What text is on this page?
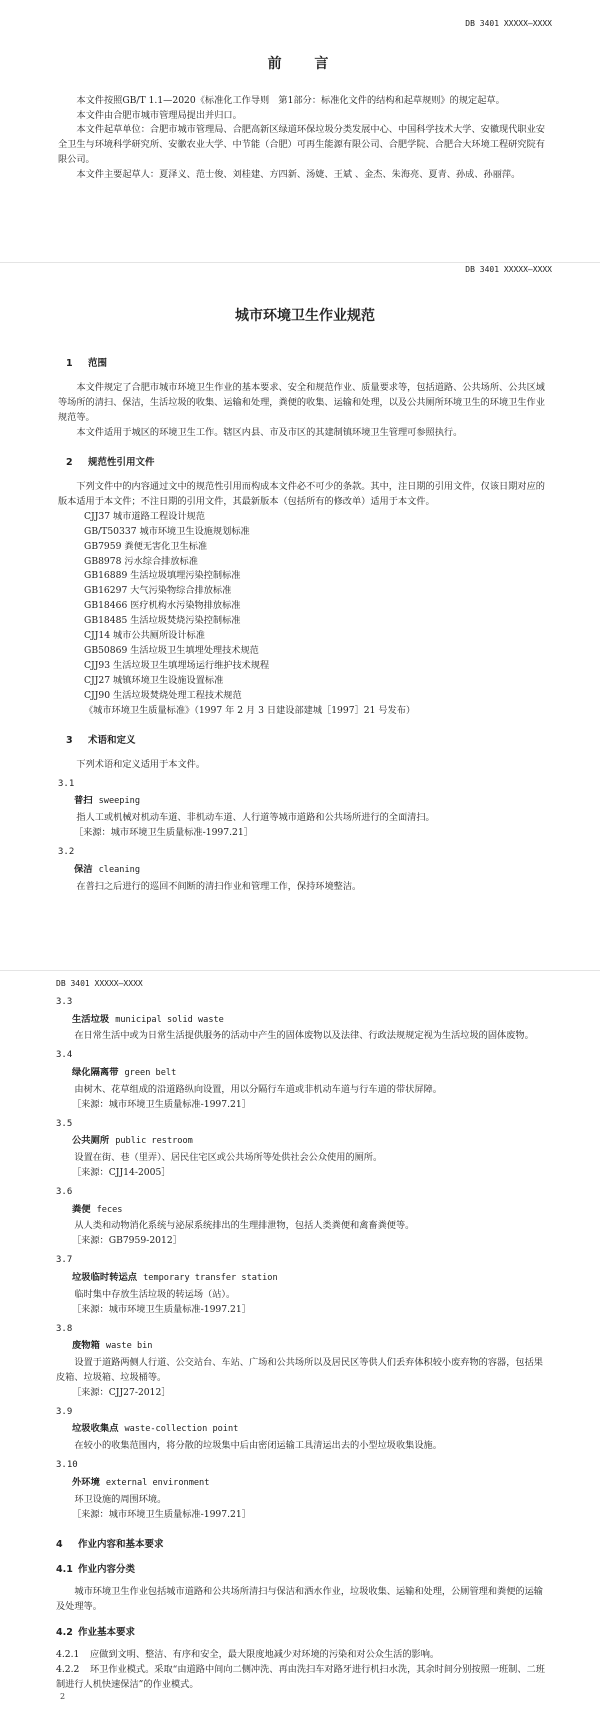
DB 3401 XXXXX—XXXX
前 言

本文件按照GB/T 1.1—2020《标准化工作导则　第1部分：标准化文件的结构和起草规则》的规定起草。

本文件由合肥市城市管理局提出并归口。

本文件起草单位：合肥市城市管理局、合肥高新区绿道环保垃圾分类发展中心、中国科学技术大学、安徽现代职业安全卫生与环境科学研究所、安徽农业大学、中节能（合肥）可再生能源有限公司、合肥学院、合肥合大环境工程研究院有限公司。

本文件主要起草人：夏泽义、范士俊、刘桂建、方四新、汤婕、王斌 、金杰、朱海亮、夏青、孙成、孙丽萍。

DB 3401 XXXXX—XXXX
城市环境卫生作业规范
1 范围

本文件规定了合肥市城市环境卫生作业的基本要求、安全和规范作业、质量要求等，包括道路、公共场所、公共区域等场所的清扫、保洁，生活垃圾的收集、运输和处理，粪便的收集、运输和处理，以及公共厕所环境卫生的环境卫生作业规范等。

本文件适用于城区的环境卫生工作。辖区内县、市及市区的其建制镇环境卫生管理可参照执行。

2 规范性引用文件

下列文件中的内容通过文中的规范性引用而构成本文件必不可少的条款。其中，注日期的引用文件，仅该日期对应的版本适用于本文件；不注日期的引用文件，其最新版本（包括所有的修改单）适用于本文件。

CJJ37 城市道路工程设计规范
GB/T50337 城市环境卫生设施规划标准
GB7959 粪便无害化卫生标准
GB8978 污水综合排放标准
GB16889 生活垃圾填埋污染控制标准
GB16297 大气污染物综合排放标准
GB18466 医疗机构水污染物排放标准
GB18485 生活垃圾焚烧污染控制标准
CJJ14 城市公共厕所设计标准
GB50869 生活垃圾卫生填埋处理技术规范
CJJ93 生活垃圾卫生填埋场运行维护技术规程
CJJ27 城镇环境卫生设施设置标准
CJJ90 生活垃圾焚烧处理工程技术规范
《城市环境卫生质量标准》（1997 年 2 月 3 日建设部建城［1997］21 号发布）
3 术语和定义

下列术语和定义适用于本文件。

3.1
普扫 sweeping

指人工或机械对机动车道、非机动车道、人行道等城市道路和公共场所进行的全面清扫。

［来源：城市环境卫生质量标准-1997.21］

3.2
保洁 cleaning

在普扫之后进行的巡回不间断的清扫作业和管理工作，保持环境整洁。

DB 3401 XXXXX—XXXX
3.3
生活垃圾 municipal solid waste

在日常生活中或为日常生活提供服务的活动中产生的固体废物以及法律、行政法规规定视为生活垃圾的固体废物。

3.4
绿化隔离带 green belt

由树木、花草组成的沿道路纵向设置，用以分隔行车道或非机动车道与行车道的带状屏障。

［来源：城市环境卫生质量标准-1997.21］

3.5
公共厕所 public restroom

设置在街、巷（里弄）、居民住宅区或公共场所等处供社会公众使用的厕所。

［来源：CJJ14-2005］

3.6
粪便 feces

从人类和动物消化系统与泌尿系统排出的生理排泄物，包括人类粪便和禽畜粪便等。

［来源：GB7959-2012］

3.7
垃圾临时转运点 temporary transfer station

临时集中存放生活垃圾的转运场（站）。

［来源：城市环境卫生质量标准-1997.21］

3.8
废物箱 waste bin

设置于道路两侧人行道、公交站台、车站、广场和公共场所以及居民区等供人们丢弃体积较小废弃物的容器，包括果皮箱、垃圾箱、垃圾桶等。

［来源：CJJ27-2012］

3.9
垃圾收集点 waste-collection point

在较小的收集范围内，将分散的垃圾集中后由密闭运输工具清运出去的小型垃圾收集设施。

3.10
外环境 external environment

环卫设施的周围环境。

［来源：城市环境卫生质量标准-1997.21］

4 作业内容和基本要求
4.1 作业内容分类

城市环境卫生作业包括城市道路和公共场所清扫与保洁和洒水作业，垃圾收集、运输和处理，公厕管理和粪便的运输及处理等。

4.2 作业基本要求

4.2.1 应做到文明、整洁、有序和安全，最大限度地减少对环境的污染和对公众生活的影响。

4.2.2 环卫作业模式。采取“由道路中间向二侧冲洗、再由洗扫车对路牙进行机扫水洗，其余时间分别按照一班制、二班制进行人机快速保洁”的作业模式。

2
